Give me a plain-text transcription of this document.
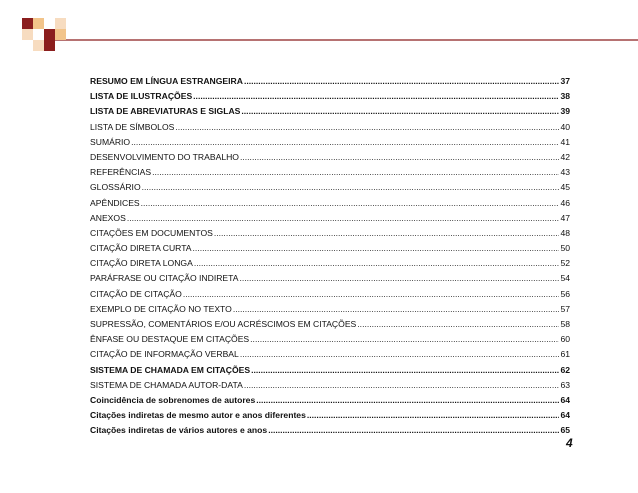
RESUMO EM LÍNGUA ESTRANGEIRA .....	37
LISTA DE ILUSTRAÇÕES .....	38
LISTA DE ABREVIATURAS E SIGLAS .....	39
LISTA DE SÍMBOLOS .....	40
SUMÁRIO .....	41
DESENVOLVIMENTO DO TRABALHO .....	42
REFERÊNCIAS .....	43
GLOSSÁRIO .....	45
APÊNDICES .....	46
ANEXOS .....	47
CITAÇÕES EM DOCUMENTOS .....	48
CITAÇÃO DIRETA CURTA .....	50
CITAÇÃO DIRETA LONGA .....	52
PARÁFRASE OU CITAÇÃO INDIRETA .....	54
CITAÇÃO DE CITAÇÃO .....	56
EXEMPLO DE CITAÇÃO NO TEXTO .....	57
SUPRESSÃO, COMENTÁRIOS E/OU ACRÉSCIMOS EM CITAÇÕES .....	58
ÊNFASE OU DESTAQUE EM CITAÇÕES .....	60
CITAÇÃO DE INFORMAÇÃO VERBAL .....	61
SISTEMA DE CHAMADA EM CITAÇÕES .....	62
SISTEMA DE CHAMADA AUTOR-DATA .....	63
Coincidência de sobrenomes de autores .....	64
Citações indiretas de mesmo autor e anos diferentes .....	64
Citações indiretas de vários autores e anos .....	65
4
